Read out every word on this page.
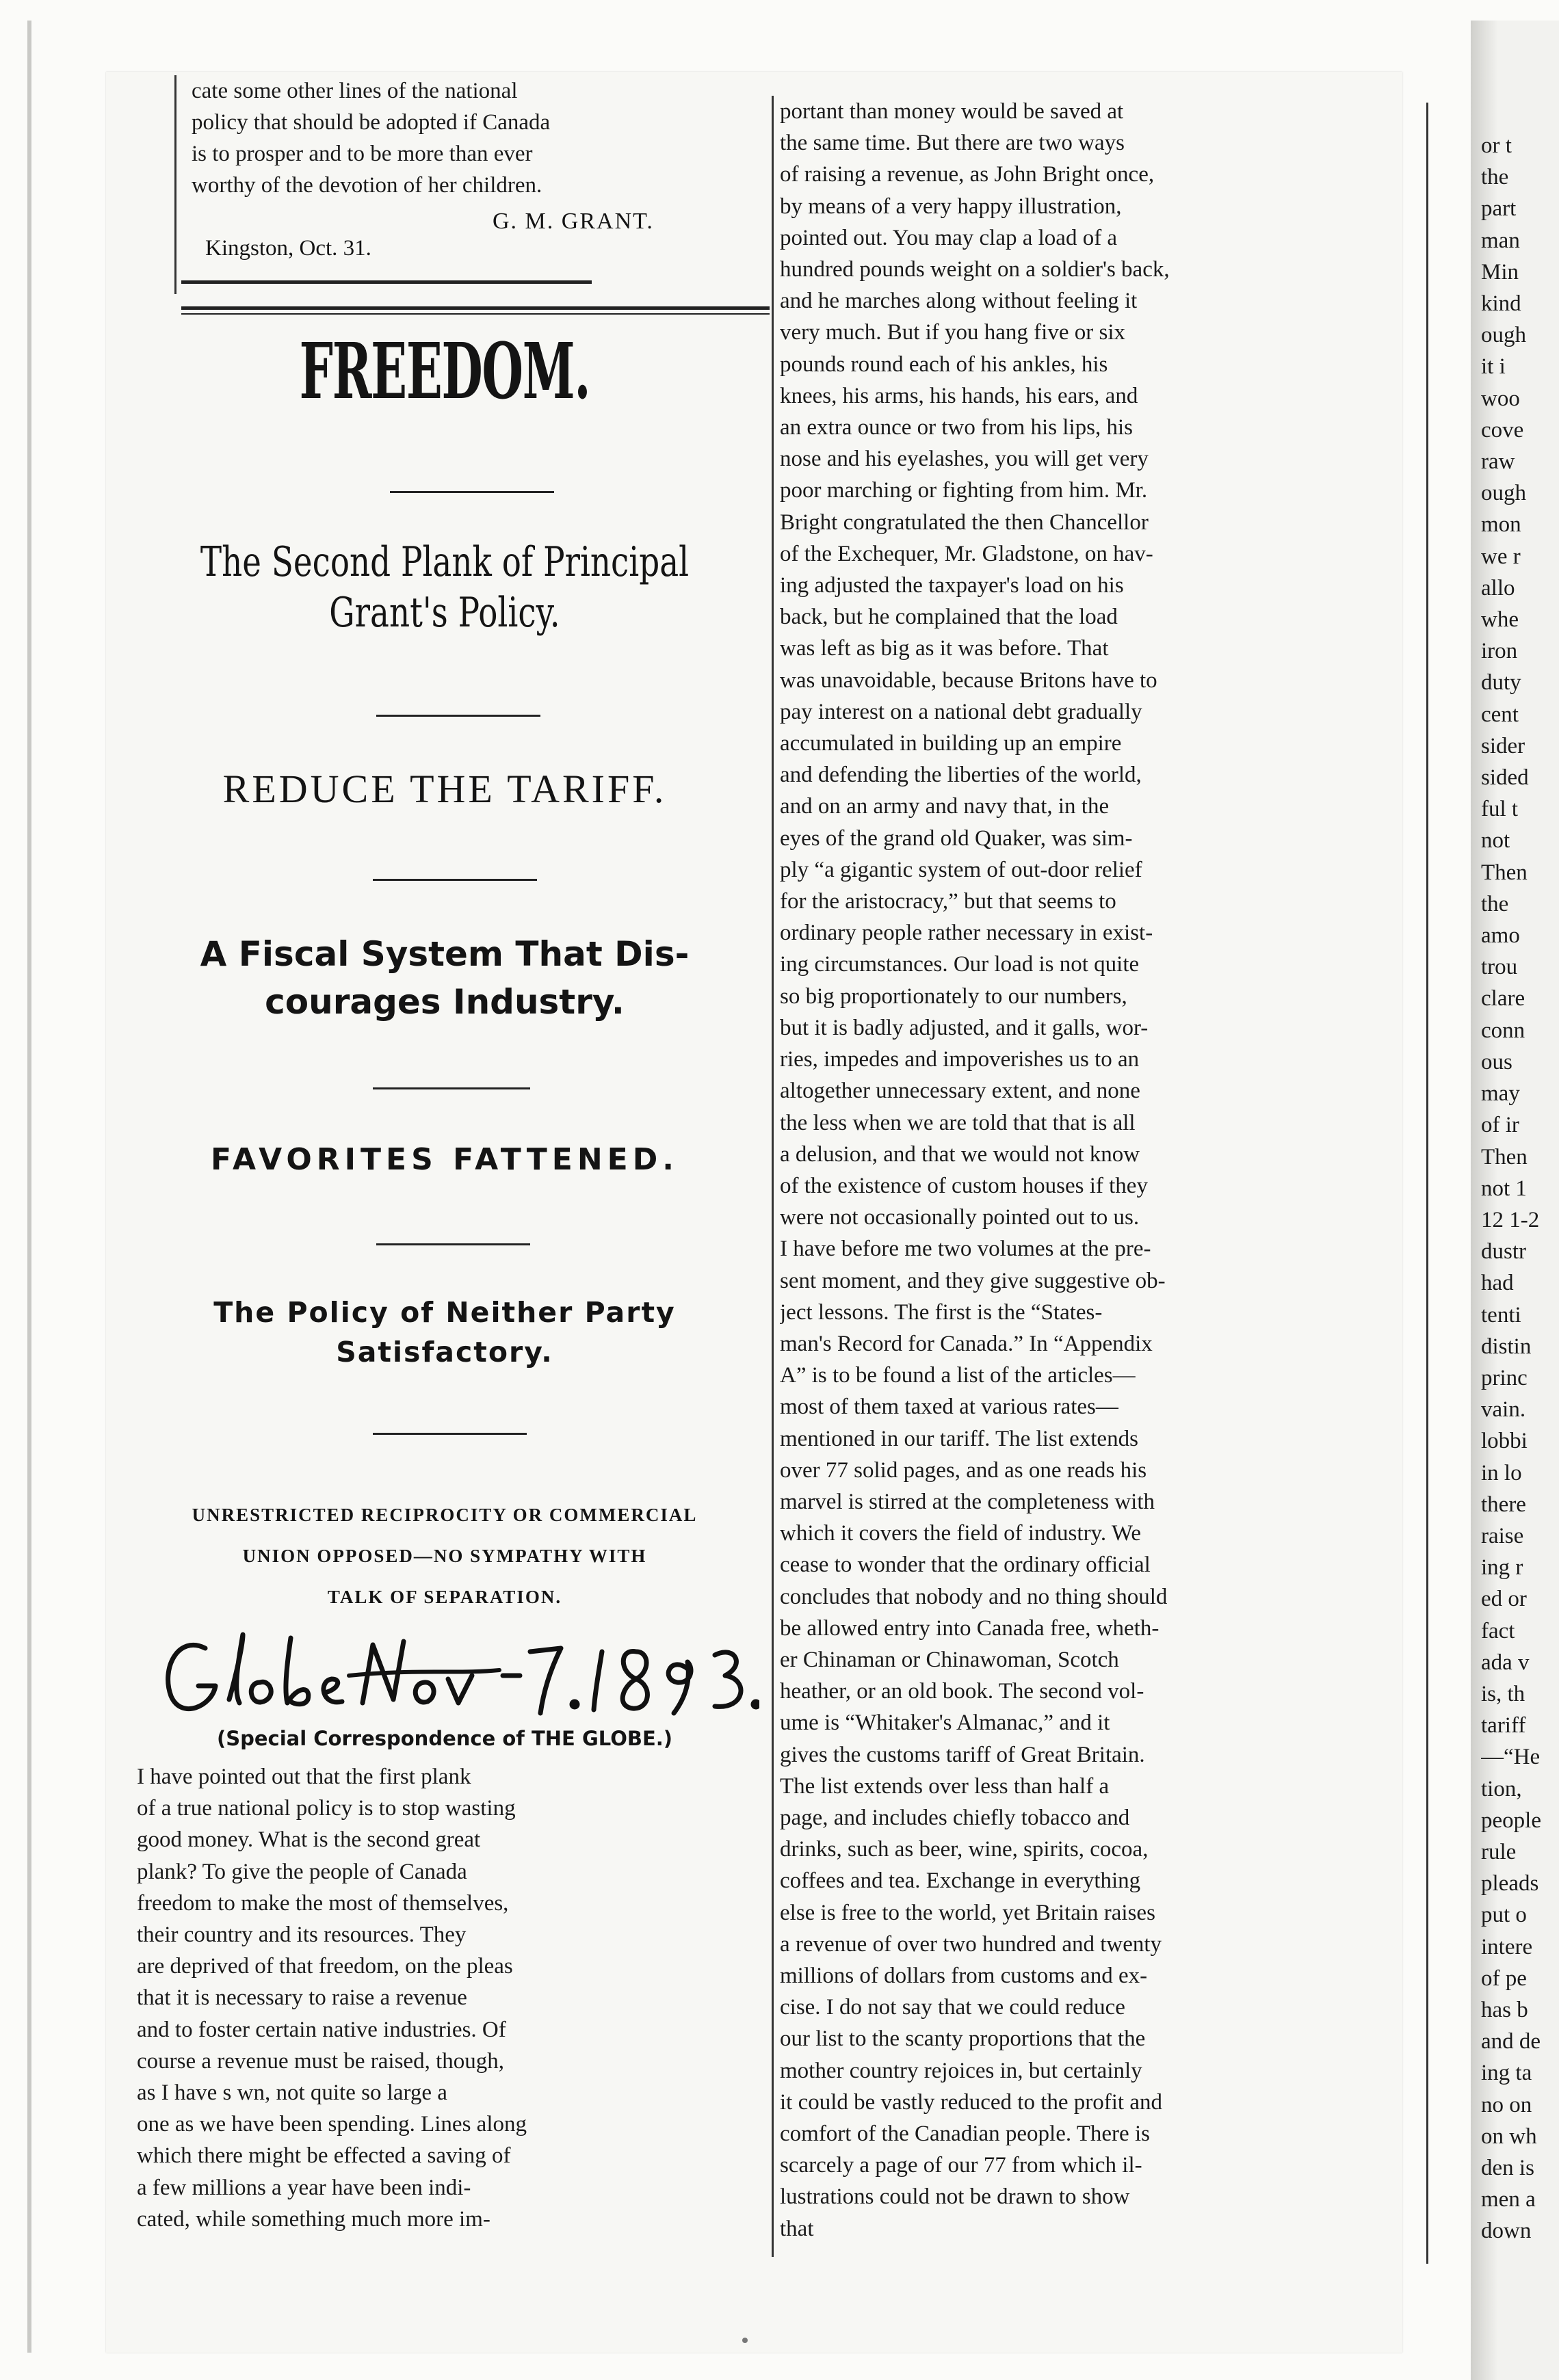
cate some other lines of the national
policy that should be adopted if Canada
is to prosper and to be more than ever
worthy of the devotion of her children.
G. M. GRANT.
Kingston, Oct. 31.
FREEDOM.
The Second Plank of Principal
Grant's Policy.
REDUCE THE TARIFF.
A Fiscal System That Dis-
courages Industry.
FAVORITES FATTENED.
The Policy of Neither Party
Satisfactory.
UNRESTRICTED RECIPROCITY OR COMMERCIAL
UNION OPPOSED—NO SYMPATHY WITH
TALK OF SEPARATION.
(Special Correspondence of THE GLOBE.)
I have pointed out that the first plank
of a true national policy is to stop wasting
good money. What is the second great
plank? To give the people of Canada
freedom to make the most of themselves,
their country and its resources. They
are deprived of that freedom, on the pleas
that it is necessary to raise a revenue
and to foster certain native industries. Of
course a revenue must be raised, though,
as I have s wn, not quite so large a
one as we have been spending. Lines along
which there might be effected a saving of
a few millions a year have been indi-
cated, while something much more im-
portant than money would be saved at
the same time. But there are two ways
of raising a revenue, as John Bright once,
by means of a very happy illustration,
pointed out. You may clap a load of a
hundred pounds weight on a soldier's back,
and he marches along without feeling it
very much. But if you hang five or six
pounds round each of his ankles, his
knees, his arms, his hands, his ears, and
an extra ounce or two from his lips, his
nose and his eyelashes, you will get very
poor marching or fighting from him. Mr.
Bright congratulated the then Chancellor
of the Exchequer, Mr. Gladstone, on hav-
ing adjusted the taxpayer's load on his
back, but he complained that the load
was left as big as it was before. That
was unavoidable, because Britons have to
pay interest on a national debt gradually
accumulated in building up an empire
and defending the liberties of the world,
and on an army and navy that, in the
eyes of the grand old Quaker, was sim-
ply “a gigantic system of out-door relief
for the aristocracy,” but that seems to
ordinary people rather necessary in exist-
ing circumstances. Our load is not quite
so big proportionately to our numbers,
but it is badly adjusted, and it galls, wor-
ries, impedes and impoverishes us to an
altogether unnecessary extent, and none
the less when we are told that that is all
a delusion, and that we would not know
of the existence of custom houses if they
were not occasionally pointed out to us.
I have before me two volumes at the pre-
sent moment, and they give suggestive ob-
ject lessons. The first is the “States-
man's Record for Canada.” In “Appendix
A” is to be found a list of the articles—
most of them taxed at various rates—
mentioned in our tariff. The list extends
over 77 solid pages, and as one reads his
marvel is stirred at the completeness with
which it covers the field of industry. We
cease to wonder that the ordinary official
concludes that nobody and no thing should
be allowed entry into Canada free, wheth-
er Chinaman or Chinawoman, Scotch
heather, or an old book. The second vol-
ume is “Whitaker's Almanac,” and it
gives the customs tariff of Great Britain.
The list extends over less than half a
page, and includes chiefly tobacco and
drinks, such as beer, wine, spirits, cocoa,
coffees and tea. Exchange in everything
else is free to the world, yet Britain raises
a revenue of over two hundred and twenty
millions of dollars from customs and ex-
cise. I do not say that we could reduce
our list to the scanty proportions that the
mother country rejoices in, but certainly
it could be vastly reduced to the profit and
comfort of the Canadian people. There is
scarcely a page of our 77 from which il-
lustrations could not be drawn to show
that
or t
the
part
man
Min
kind
ough
it i
woo
cove
raw
ough
mon
we r
allo
whe
iron
duty
cent
sider
sided
ful t
not
Then
the
amo
trou
clare
conn
ous
may
of ir
Then
not 1
12 1-2
dustr
had
tenti
distin
princ
vain.
lobbi
in lo
there
raise
ing r
ed or
fact
ada v
is, th
tariff
—“He
tion,
people
rule
pleads
put o
intere
of pe
has b
and de
ing ta
no on
on wh
den is
men a
down
